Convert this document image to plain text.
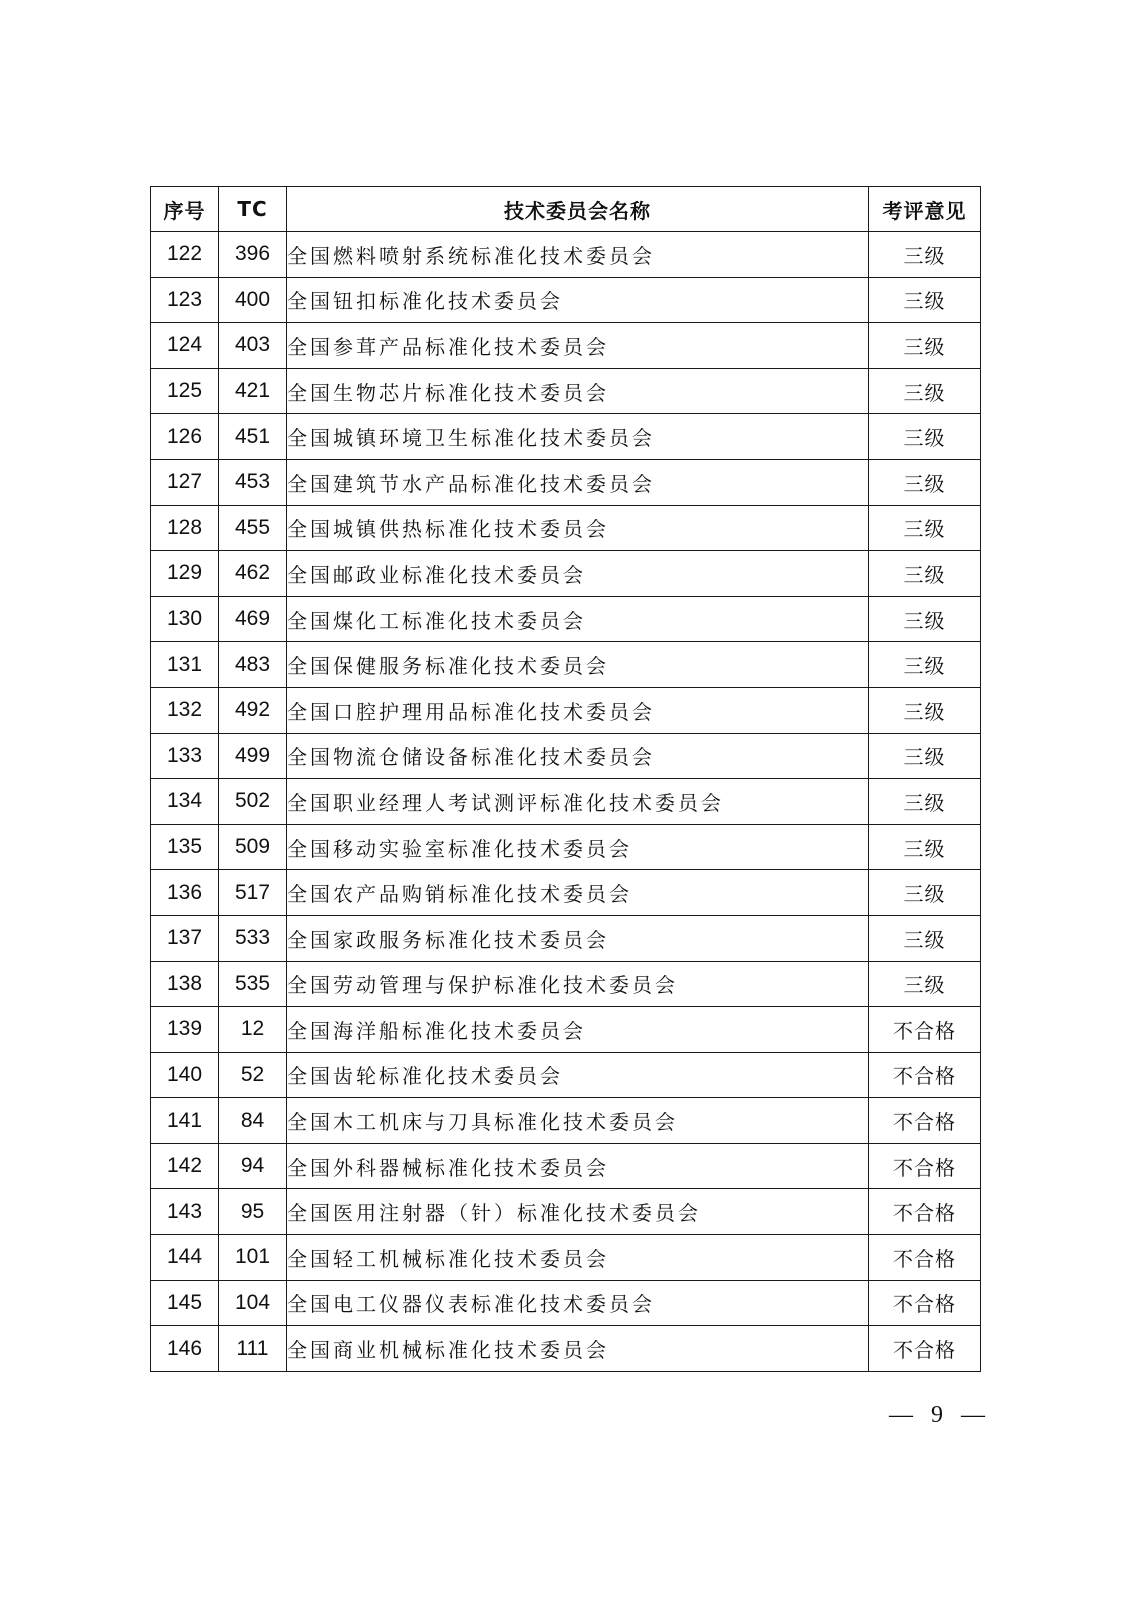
序号	TC	技术委员会名称	考评意见
122	396	全国燃料喷射系统标准化技术委员会	三级
123	400	全国钮扣标准化技术委员会	三级
124	403	全国参茸产品标准化技术委员会	三级
125	421	全国生物芯片标准化技术委员会	三级
126	451	全国城镇环境卫生标准化技术委员会	三级
127	453	全国建筑节水产品标准化技术委员会	三级
128	455	全国城镇供热标准化技术委员会	三级
129	462	全国邮政业标准化技术委员会	三级
130	469	全国煤化工标准化技术委员会	三级
131	483	全国保健服务标准化技术委员会	三级
132	492	全国口腔护理用品标准化技术委员会	三级
133	499	全国物流仓储设备标准化技术委员会	三级
134	502	全国职业经理人考试测评标准化技术委员会	三级
135	509	全国移动实验室标准化技术委员会	三级
136	517	全国农产品购销标准化技术委员会	三级
137	533	全国家政服务标准化技术委员会	三级
138	535	全国劳动管理与保护标准化技术委员会	三级
139	12	全国海洋船标准化技术委员会	不合格
140	52	全国齿轮标准化技术委员会	不合格
141	84	全国木工机床与刀具标准化技术委员会	不合格
142	94	全国外科器械标准化技术委员会	不合格
143	95	全国医用注射器（针）标准化技术委员会	不合格
144	101	全国轻工机械标准化技术委员会	不合格
145	104	全国电工仪器仪表标准化技术委员会	不合格
146	111	全国商业机械标准化技术委员会	不合格
— 9 —
